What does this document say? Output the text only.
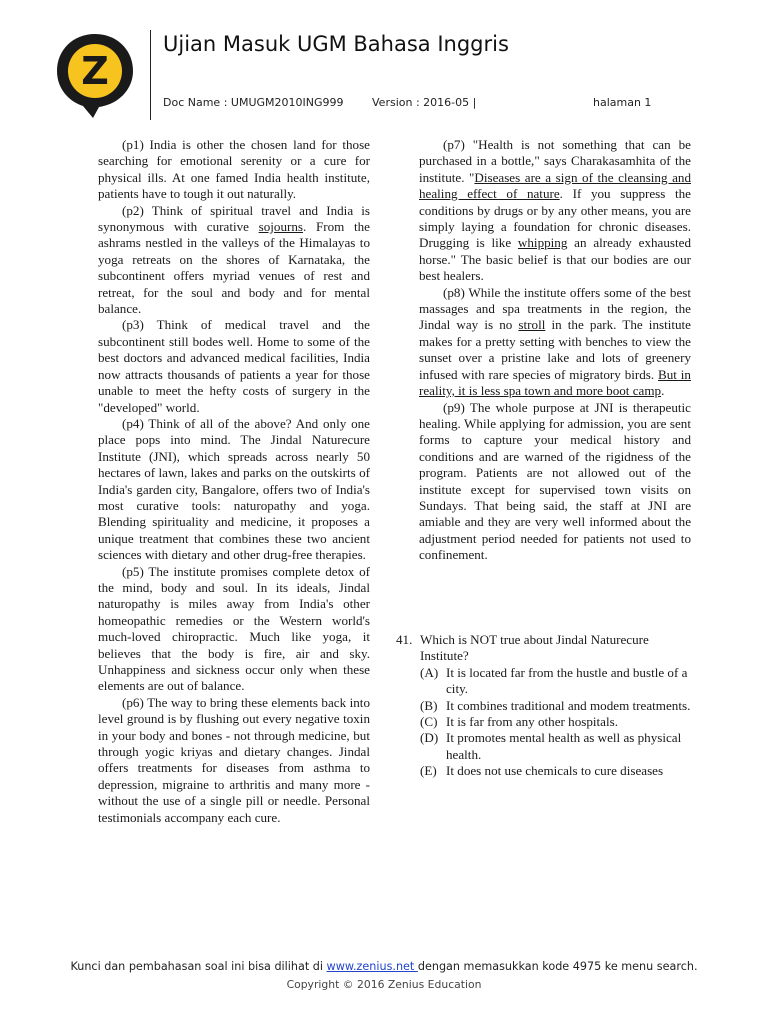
Z
Ujian Masuk UGM Bahasa Inggris
Doc Name : UMUGM2010ING999	Version : 2016-05 |	halaman 1

(p1) India is other the chosen land for those searching for emotional serenity or a cure for physical ills. At one famed India health institute, patients have to tough it out naturally.

(p2) Think of spiritual travel and India is synonymous with curative sojourns. From the ashrams nestled in the valleys of the Himalayas to yoga retreats on the shores of Karnataka, the subcontinent offers myriad venues of rest and retreat, for the soul and body and for mental balance.

(p3) Think of medical travel and the subcontinent still bodes well. Home to some of the best doctors and advanced medical facilities, India now attracts thousands of patients a year for those unable to meet the hefty costs of surgery in the "developed" world.

(p4) Think of all of the above? And only one place pops into mind. The Jindal Naturecure Institute (JNI), which spreads across nearly 50 hectares of lawn, lakes and parks on the outskirts of India's garden city, Bangalore, offers two of India's most curative tools: naturopathy and yoga. Blending spirituality and medicine, it proposes a unique treatment that combines these two ancient sciences with dietary and other drug-free therapies.

(p5) The institute promises complete detox of the mind, body and soul. In its ideals, Jindal naturopathy is miles away from India's other homeopathic remedies or the Western world's much-loved chiropractic. Much like yoga, it believes that the body is fire, air and sky. Unhappiness and sickness occur only when these elements are out of balance.

(p6) The way to bring these elements back into level ground is by flushing out every negative toxin in your body and bones - not through medicine, but through yogic kriyas and dietary changes. Jindal offers treatments for diseases from asthma to depression, migraine to arthritis and many more -without the use of a single pill or needle. Personal testimonials accompany each cure.

(p7) "Health is not something that can be purchased in a bottle," says Charakasamhita of the institute. "Diseases are a sign of the cleansing and healing effect of nature. If you suppress the conditions by drugs or by any other means, you are simply laying a foundation for chronic diseases. Drugging is like whipping an already exhausted horse." The basic belief is that our bodies are our best healers.

(p8) While the institute offers some of the best massages and spa treatments in the region, the Jindal way is no stroll in the park. The institute makes for a pretty setting with benches to view the sunset over a pristine lake and lots of greenery infused with rare species of migratory birds. But in reality, it is less spa town and more boot camp.

(p9) The whole purpose at JNI is therapeutic healing. While applying for admission, you are sent forms to capture your medical history and conditions and are warned of the rigidness of the program. Patients are not allowed out of the institute except for supervised town visits on Sundays. That being said, the staff at JNI are amiable and they are very well informed about the adjustment period needed for patients not used to confinement.

41. Which is NOT true about Jindal Naturecure Institute?
(A) It is located far from the hustle and bustle of a city.
(B) It combines traditional and modem treatments.
(C) It is far from any other hospitals.
(D) It promotes mental health as well as physical health.
(E) It does not use chemicals to cure diseases
Kunci dan pembahasan soal ini bisa dilihat di www.zenius.net dengan memasukkan kode 4975 ke menu search.
Copyright © 2016 Zenius Education
